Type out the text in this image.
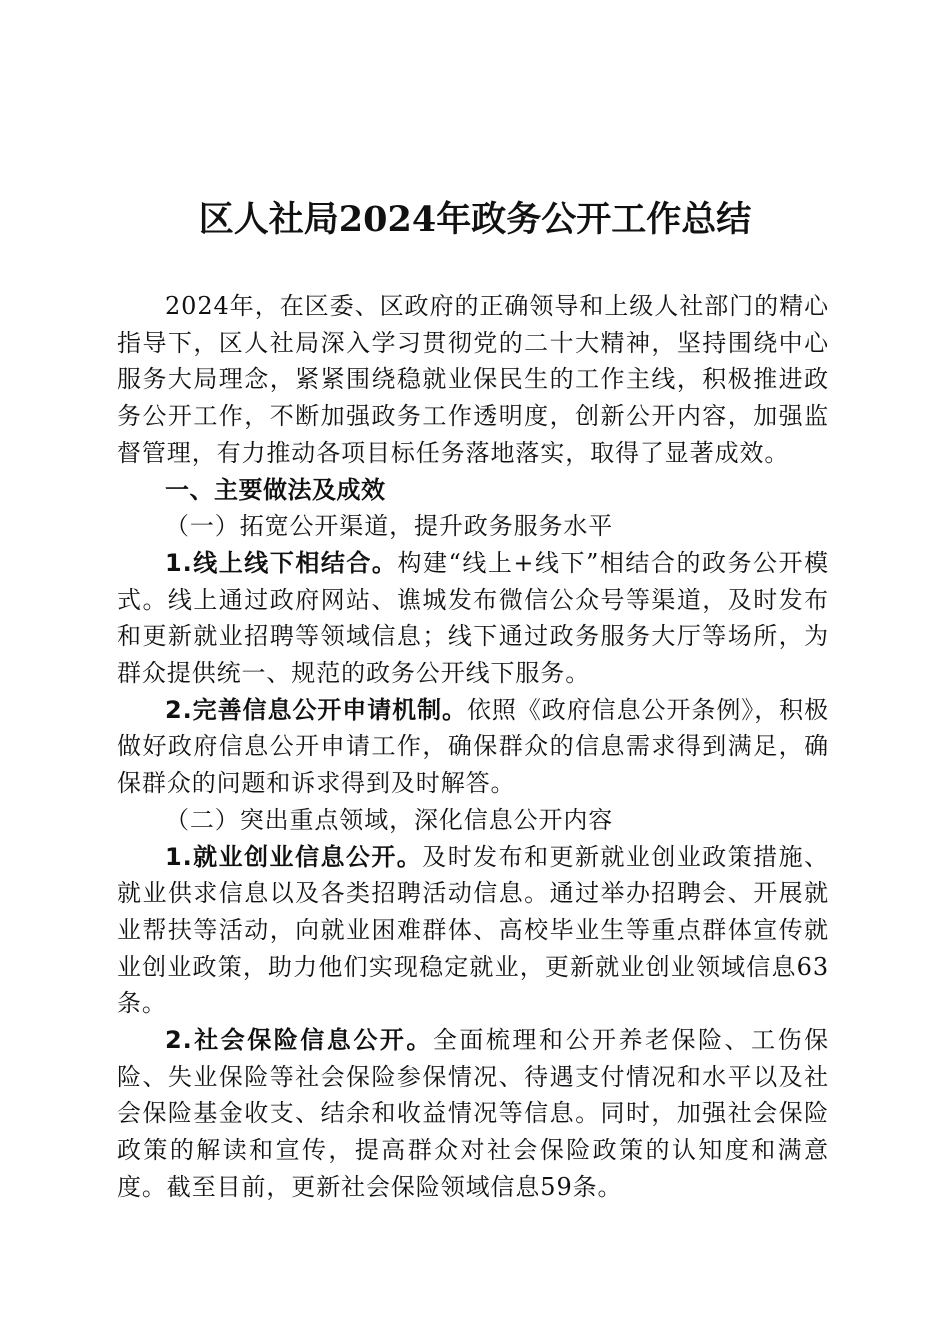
区人社局2024年政务公开工作总结

2024年，在区委、区政府的正确领导和上级人社部门的精心指导下，区人社局深入学习贯彻党的二十大精神，坚持围绕中心服务大局理念，紧紧围绕稳就业保民生的工作主线，积极推进政务公开工作，不断加强政务工作透明度，创新公开内容，加强监督管理，有力推动各项目标任务落地落实，取得了显著成效。

一、主要做法及成效

（一）拓宽公开渠道，提升政务服务水平

1.线上线下相结合。构建“线上+线下”相结合的政务公开模式。线上通过政府网站、谯城发布微信公众号等渠道，及时发布和更新就业招聘等领域信息；线下通过政务服务大厅等场所，为群众提供统一、规范的政务公开线下服务。

2.完善信息公开申请机制。依照《政府信息公开条例》，积极做好政府信息公开申请工作，确保群众的信息需求得到满足，确保群众的问题和诉求得到及时解答。

（二）突出重点领域，深化信息公开内容

1.就业创业信息公开。及时发布和更新就业创业政策措施、就业供求信息以及各类招聘活动信息。通过举办招聘会、开展就业帮扶等活动，向就业困难群体、高校毕业生等重点群体宣传就业创业政策，助力他们实现稳定就业，更新就业创业领域信息63条。

2.社会保险信息公开。全面梳理和公开养老保险、工伤保险、失业保险等社会保险参保情况、待遇支付情况和水平以及社会保险基金收支、结余和收益情况等信息。同时，加强社会保险政策的解读和宣传，提高群众对社会保险政策的认知度和满意度。截至目前，更新社会保险领域信息59条。
